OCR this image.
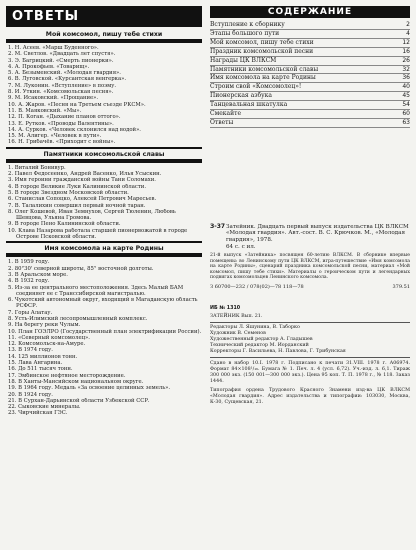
ОТВЕТЫ
Мой комсомол, пишу тебе стихи
1. Н. Асеев. «Марш Буденного».
2. М. Светлов. «Двадцать лет спустя».
3. Э. Багрицкий. «Смерть пионерки».
4. А. Прокофьев. «Товарищ».
5. А. Безыменский. «Молодая гвардия».
6. В. Луговской. «Курсантская венгерка».
7. М. Луконин. «Вступление» в поэму.
8. И. Уткин. «Комсомольская песня».
9. М. Исаковский. «Прощание».
10. А. Жаров. «Песня на Третьем съезде РКСМ».
11. В. Маяковский. «Мы».
12. П. Коган. «Дыхание планов оттого».
13. Е. Рутков. «Проводы Валентины».
14. А. Сурков. «Человек склонился над водой».
15. М. Алигер. «Человек в пути».
16. Н. Грибачёв. «Приходит с войны».
Памятники комсомольской славы
1. Виталий Бонивур.
2. Павел Федосеенко, Андрей Васенко, Илья Усыскин.
3. Имя героини гражданской войны Тани Соломахи.
4. В городе Великие Луки Калининской области.
5. В городе Звездном Московской области.
6. Станислав Сопоцко, Алексей Петрович Маресьев.
7. В. Талалихин совершил первый ночной таран.
8. Олег Кошевой, Иван Земнухов, Сергей Тюленин, Любовь Шевцова, Ульяна Громова.
9. В городе Пено Калининской области.
10. Клава Назарова работала старшей пионервожатой в городе Острове Псковской области.
Имя комсомола на карте Родины
1. В 1959 году.
2. 80°30' северной широты, 85° восточной долготы.
3. В Аральском море.
4. В 1932 году.
5. Из-за ее центрального местоположения. Здесь Малый БАМ соединяет ее с Транссибирской магистралью.
6. Чукотский автономный округ, входящий в Магаданскую область РСФСР.
7. Горы Алатау.
8. Усть-Илимский лесопромышленный комплекс.
9. На берегу реки Чулым.
10. План ГОЭЛРО (Государственный план электрификации России).
11. «Северный комсомолец».
12. Комсомольск-на-Амуре.
13. В 1974 году.
14. 125 миллионов тонн.
15. Лава Ангарина.
16. До 511 тысяч тонн.
17. Эмбинское нефтяное месторождение.
18. В Ханты-Мансийском национальном округе.
19. В 1964 году. Медаль «За освоение целинных земель».
20. В 1924 году.
21. В Сурхан-Дарьинской области Узбекской ССР.
22. Сыковские минералы.
23. Чирчийская ГЭС.
СОДЕРЖАНИЕ
Вступление к сборнику	2
Этапы большого пути	4
Мой комсомол, пишу тебе стихи	12
Праздник комсомольской песни	16
Награды ЦК ВЛКСМ	26
Памятники комсомольской славы	32
Имя комсомола на карте Родины	36
Строим свой «Комсомолец»!	40
Пионерская азбука	45
Танцевальная шкатулка	54
Смекайте	60
Ответы	63
З-37 Затейник. Двадцать первый выпуск издательства ЦК ВЛКСМ «Молодая гвардия». Авт.-сост. В. С. Крючков. М., «Молодая гвардия», 1978.
64 с. с ил.
21-й выпуск «Затейника» посвящен 60-летию ВЛКСМ. В сборнике впервые помещены: во Ленинскому пути ЦК ВЛКСМ, игра-путешествие «Имя комсомола на карте Родины», сценарий праздника комсомольской песни, материал «Мой комсомол, пишу тебе стихи». Материалы о героическом пути и легендарных подвигах комсомольцев Ленинского комсомола.
З 60700—232 / 078(02)—78 118—78	379.51
ИБ № 1310
ЗАТЕЙНИК Вып. 21.
Редакторы Л. Яшунина, В. Таборко
Художник В. Семенов
Художественный редактор А. Гладышев
Технический редактор М. Иорданский
Корректоры Г. Васильева, Н. Павлова, Г. Трибунская

Сдано в набор 10.I. 1978 г. Подписано к печати 31.VIII. 1978 г. А06974. Формат 84×108¹/₁₆. Бумага № 1. Печ. л. 4 (усл. 6,72). Уч.-изд. л. 6,1. Тираж 300 000 экз. (150 001—300 000 экз.). Цена 95 коп. Т. П. 1978 г., № 118. Заказ 1444.

Типография ордена Трудового Красного Знамени изд-ва ЦК ВЛКСМ «Молодая гвардия». Адрес издательства и типографии: 103030, Москва, К-30, Сущевская, 21.
